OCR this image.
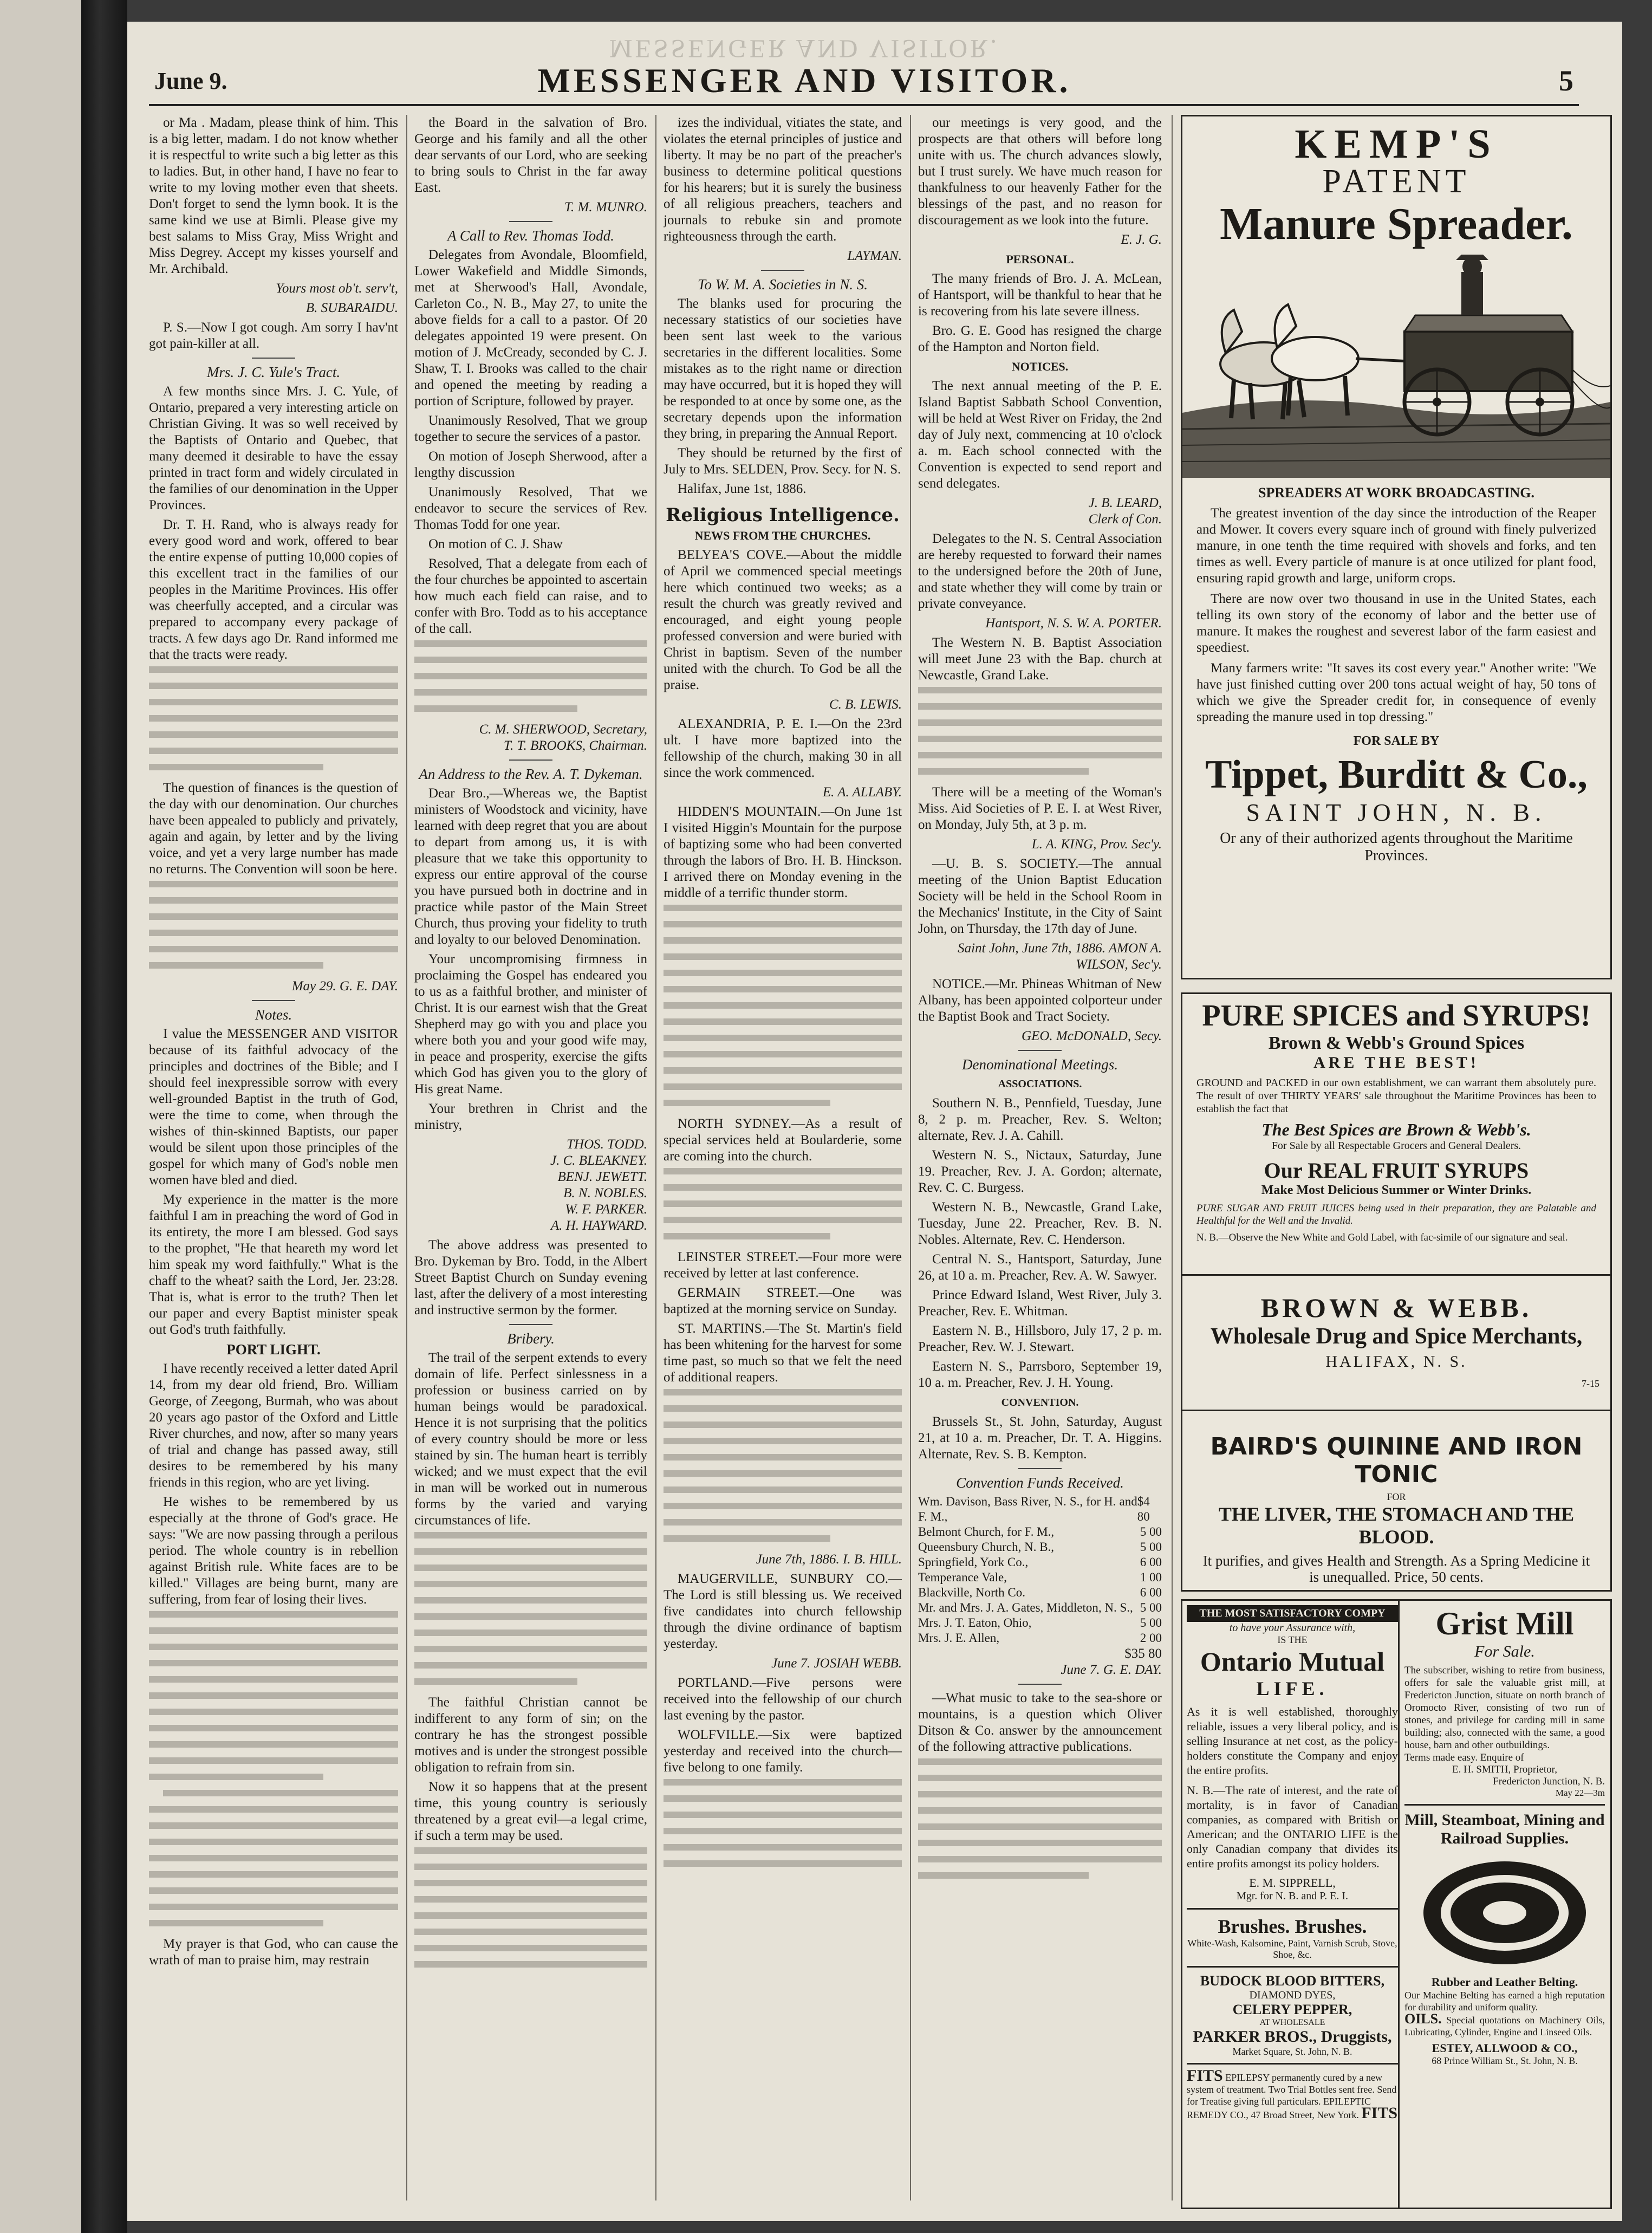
MESSENGER AND VISITOR.
June 9.	MESSENGER AND VISITOR.	5

or Ma . Madam, please think of him. This is a big letter, madam. I do not know whether it is respectful to write such a big letter as this to ladies. But, in other hand, I have no fear to write to my loving mother even that sheets. Don't forget to send the lymn book. It is the same kind we use at Bimli. Please give my best salams to Miss Gray, Miss Wright and Miss Degrey. Accept my kisses yourself and Mr. Archibald.

Yours most ob't. serv't,

B. SUBARAIDU.

P. S.—Now I got cough. Am sorry I hav'nt got pain-killer at all.

Mrs. J. C. Yule's Tract.

A few months since Mrs. J. C. Yule, of Ontario, prepared a very interesting article on Christian Giving. It was so well received by the Baptists of Ontario and Quebec, that many deemed it desirable to have the essay printed in tract form and widely circulated in the families of our denomination in the Upper Provinces.

Dr. T. H. Rand, who is always ready for every good word and work, offered to bear the entire expense of putting 10,000 copies of this excellent tract in the families of our peoples in the Maritime Provinces. His offer was cheerfully accepted, and a circular was prepared to accompany every package of tracts. A few days ago Dr. Rand informed me that the tracts were ready.

The question of finances is the question of the day with our denomination. Our churches have been appealed to publicly and privately, again and again, by letter and by the living voice, and yet a very large number has made no returns. The Convention will soon be here.

May 29. G. E. DAY.

Notes.

I value the MESSENGER AND VISITOR because of its faithful advocacy of the principles and doctrines of the Bible; and I should feel inexpressible sorrow with every well-grounded Baptist in the truth of God, were the time to come, when through the wishes of thin-skinned Baptists, our paper would be silent upon those principles of the gospel for which many of God's noble men women have bled and died.

My experience in the matter is the more faithful I am in preaching the word of God in its entirety, the more I am blessed. God says to the prophet, "He that heareth my word let him speak my word faithfully." What is the chaff to the wheat? saith the Lord, Jer. 23:28. That is, what is error to the truth? Then let our paper and every Baptist minister speak out God's truth faithfully.

PORT LIGHT.

I have recently received a letter dated April 14, from my dear old friend, Bro. William George, of Zeegong, Burmah, who was about 20 years ago pastor of the Oxford and Little River churches, and now, after so many years of trial and change has passed away, still desires to be remembered by his many friends in this region, who are yet living.

He wishes to be remembered by us especially at the throne of God's grace. He says: "We are now passing through a perilous period. The whole country is in rebellion against British rule. White faces are to be killed." Villages are being burnt, many are suffering, from fear of losing their lives.

My prayer is that God, who can cause the wrath of man to praise him, may restrain

the Board in the salvation of Bro. George and his family and all the other dear servants of our Lord, who are seeking to bring souls to Christ in the far away East.

T. M. MUNRO.

A Call to Rev. Thomas Todd.

Delegates from Avondale, Bloomfield, Lower Wakefield and Middle Simonds, met at Sherwood's Hall, Avondale, Carleton Co., N. B., May 27, to unite the above fields for a call to a pastor. Of 20 delegates appointed 19 were present. On motion of J. McCready, seconded by C. J. Shaw, T. I. Brooks was called to the chair and opened the meeting by reading a portion of Scripture, followed by prayer.

Unanimously Resolved, That we group together to secure the services of a pastor.

On motion of Joseph Sherwood, after a lengthy discussion

Unanimously Resolved, That we endeavor to secure the services of Rev. Thomas Todd for one year.

On motion of C. J. Shaw

Resolved, That a delegate from each of the four churches be appointed to ascertain how much each field can raise, and to confer with Bro. Todd as to his acceptance of the call.

C. M. SHERWOOD, Secretary,
T. T. BROOKS, Chairman.

An Address to the Rev. A. T. Dykeman.

Dear Bro.,—Whereas we, the Baptist ministers of Woodstock and vicinity, have learned with deep regret that you are about to depart from among us, it is with pleasure that we take this opportunity to express our entire approval of the course you have pursued both in doctrine and in practice while pastor of the Main Street Church, thus proving your fidelity to truth and loyalty to our beloved Denomination.

Your uncompromising firmness in proclaiming the Gospel has endeared you to us as a faithful brother, and minister of Christ. It is our earnest wish that the Great Shepherd may go with you and place you where both you and your good wife may, in peace and prosperity, exercise the gifts which God has given you to the glory of His great Name.

Your brethren in Christ and the ministry,

THOS. TODD.
J. C. BLEAKNEY.
BENJ. JEWETT.
B. N. NOBLES.
W. F. PARKER.
A. H. HAYWARD.

The above address was presented to Bro. Dykeman by Bro. Todd, in the Albert Street Baptist Church on Sunday evening last, after the delivery of a most interesting and instructive sermon by the former.

Bribery.

The trail of the serpent extends to every domain of life. Perfect sinlessness in a profession or business carried on by human beings would be paradoxical. Hence it is not surprising that the politics of every country should be more or less stained by sin. The human heart is terribly wicked; and we must expect that the evil in man will be worked out in numerous forms by the varied and varying circumstances of life.

The faithful Christian cannot be indifferent to any form of sin; on the contrary he has the strongest possible motives and is under the strongest possible obligation to refrain from sin.

Now it so happens that at the present time, this young country is seriously threatened by a great evil—a legal crime, if such a term may be used.

izes the individual, vitiates the state, and violates the eternal principles of justice and liberty. It may be no part of the preacher's business to determine political questions for his hearers; but it is surely the business of all religious preachers, teachers and journals to rebuke sin and promote righteousness through the earth.

LAYMAN.

To W. M. A. Societies in N. S.

The blanks used for procuring the necessary statistics of our societies have been sent last week to the various secretaries in the different localities. Some mistakes as to the right name or direction may have occurred, but it is hoped they will be responded to at once by some one, as the secretary depends upon the information they bring, in preparing the Annual Report.

They should be returned by the first of July to Mrs. SELDEN, Prov. Secy. for N. S.

Halifax, June 1st, 1886.

Religious Intelligence.

NEWS FROM THE CHURCHES.

BELYEA'S COVE.—About the middle of April we commenced special meetings here which continued two weeks; as a result the church was greatly revived and encouraged, and eight young people professed conversion and were buried with Christ in baptism. Seven of the number united with the church. To God be all the praise.

C. B. LEWIS.

ALEXANDRIA, P. E. I.—On the 23rd ult. I have more baptized into the fellowship of the church, making 30 in all since the work commenced.

E. A. ALLABY.

HIDDEN'S MOUNTAIN.—On June 1st I visited Higgin's Mountain for the purpose of baptizing some who had been converted through the labors of Bro. H. B. Hinckson. I arrived there on Monday evening in the middle of a terrific thunder storm.

NORTH SYDNEY.—As a result of special services held at Boularderie, some are coming into the church.

LEINSTER STREET.—Four more were received by letter at last conference.

GERMAIN STREET.—One was baptized at the morning service on Sunday.

ST. MARTINS.—The St. Martin's field has been whitening for the harvest for some time past, so much so that we felt the need of additional reapers.

June 7th, 1886. I. B. HILL.

MAUGERVILLE, SUNBURY CO.—The Lord is still blessing us. We received five candidates into church fellowship through the divine ordinance of baptism yesterday.

June 7. JOSIAH WEBB.

PORTLAND.—Five persons were received into the fellowship of our church last evening by the pastor.

WOLFVILLE.—Six were baptized yesterday and received into the church—five belong to one family.

our meetings is very good, and the prospects are that others will before long unite with us. The church advances slowly, but I trust surely. We have much reason for thankfulness to our heavenly Father for the blessings of the past, and no reason for discouragement as we look into the future.

E. J. G.

PERSONAL.

The many friends of Bro. J. A. McLean, of Hantsport, will be thankful to hear that he is recovering from his late severe illness.

Bro. G. E. Good has resigned the charge of the Hampton and Norton field.

NOTICES.

The next annual meeting of the P. E. Island Baptist Sabbath School Convention, will be held at West River on Friday, the 2nd day of July next, commencing at 10 o'clock a. m. Each school connected with the Convention is expected to send report and send delegates.

J. B. LEARD,
Clerk of Con.

Delegates to the N. S. Central Association are hereby requested to forward their names to the undersigned before the 20th of June, and state whether they will come by train or private conveyance.

Hantsport, N. S. W. A. PORTER.

The Western N. B. Baptist Association will meet June 23 with the Bap. church at Newcastle, Grand Lake.

There will be a meeting of the Woman's Miss. Aid Societies of P. E. I. at West River, on Monday, July 5th, at 3 p. m.

L. A. KING, Prov. Sec'y.

—U. B. S. SOCIETY.—The annual meeting of the Union Baptist Education Society will be held in the School Room in the Mechanics' Institute, in the City of Saint John, on Thursday, the 17th day of June.

Saint John, June 7th, 1886. AMON A. WILSON, Sec'y.

NOTICE.—Mr. Phineas Whitman of New Albany, has been appointed colporteur under the Baptist Book and Tract Society.

GEO. McDONALD, Secy.

Denominational Meetings.

ASSOCIATIONS.

Southern N. B., Pennfield, Tuesday, June 8, 2 p. m. Preacher, Rev. S. Welton; alternate, Rev. J. A. Cahill.

Western N. S., Nictaux, Saturday, June 19. Preacher, Rev. J. A. Gordon; alternate, Rev. C. C. Burgess.

Western N. B., Newcastle, Grand Lake, Tuesday, June 22. Preacher, Rev. B. N. Nobles. Alternate, Rev. C. Henderson.

Central N. S., Hantsport, Saturday, June 26, at 10 a. m. Preacher, Rev. A. W. Sawyer.

Prince Edward Island, West River, July 3. Preacher, Rev. E. Whitman.

Eastern N. B., Hillsboro, July 17, 2 p. m. Preacher, Rev. W. J. Stewart.

Eastern N. S., Parrsboro, September 19, 10 a. m. Preacher, Rev. J. H. Young.

CONVENTION.

Brussels St., St. John, Saturday, August 21, at 10 a. m. Preacher, Dr. T. A. Higgins. Alternate, Rev. S. B. Kempton.

Convention Funds Received.

Wm. Davison, Bass River, N. S., for H. and F. M.,
$4 80
Belmont Church, for F. M.,	5 00
Queensbury Church, N. B.,	5 00
Springfield, York Co.,	6 00
Temperance Vale,	1 00
Blackville, North Co.	6 00
Mr. and Mrs. J. A. Gates, Middleton, N. S., 5 00
Mrs. J. T. Eaton, Ohio,	5 00
Mrs. J. E. Allen,	2 00
$35 80

June 7. G. E. DAY.

—What music to take to the sea-shore or mountains, is a question which Oliver Ditson & Co. answer by the announcement of the following attractive publications.

KEMP'S
PATENT
Manure Spreader.
SPREADERS AT WORK BROADCASTING.

The greatest invention of the day since the introduction of the Reaper and Mower. It covers every square inch of ground with finely pulverized manure, in one tenth the time required with shovels and forks, and ten times as well. Every particle of manure is at once utilized for plant food, ensuring rapid growth and large, uniform crops.

There are now over two thousand in use in the United States, each telling its own story of the economy of labor and the better use of manure. It makes the roughest and severest labor of the farm easiest and speediest.

Many farmers write: "It saves its cost every year." Another write: "We have just finished cutting over 200 tons actual weight of hay, 50 tons of which we give the Spreader credit for, in consequence of evenly spreading the manure used in top dressing."

FOR SALE BY
Tippet, Burditt & Co.,
SAINT JOHN, N. B.
Or any of their authorized agents throughout the Maritime Provinces.
PURE SPICES and SYRUPS!
Brown & Webb's Ground Spices
ARE THE BEST!
GROUND and PACKED in our own establishment, we can warrant them absolutely pure. The result of over THIRTY YEARS' sale throughout the Maritime Provinces has been to establish the fact that
The Best Spices are Brown & Webb's.
For Sale by all Respectable Grocers and General Dealers.
Our REAL FRUIT SYRUPS
Make Most Delicious Summer or Winter Drinks.
PURE SUGAR AND FRUIT JUICES being used in their preparation, they are Palatable and Healthful for the Well and the Invalid.
N. B.—Observe the New White and Gold Label, with fac-simile of our signature and seal.
BROWN & WEBB.
Wholesale Drug and Spice Merchants,
HALIFAX, N. S.
7-15
BAIRD'S QUININE AND IRON TONIC
FOR
THE LIVER, THE STOMACH AND THE BLOOD.
It purifies, and gives Health and Strength. As a Spring Medicine it is unequalled. Price, 50 cents.
THE MOST SATISFACTORY COMPY
to have your Assurance with,
IS THE
Ontario Mutual
LIFE.
As it is well established, thoroughly reliable, issues a very liberal policy, and is selling Insurance at net cost, as the policy-holders constitute the Company and enjoy the entire profits.
N. B.—The rate of interest, and the rate of mortality, is in favor of Canadian companies, as compared with British or American; and the ONTARIO LIFE is the only Canadian company that divides its entire profits amongst its policy holders.
E. M. SIPPRELL,
Mgr. for N. B. and P. E. I.
Brushes. Brushes.
White-Wash, Kalsomine, Paint, Varnish Scrub, Stove, Shoe, &c.
BUDOCK BLOOD BITTERS,
DIAMOND DYES,
CELERY PEPPER,
AT WHOLESALE
PARKER BROS., Druggists,
Market Square, St. John, N. B.
FITS EPILEPSY permanently cured by a new system of treatment. Two Trial Bottles sent free. Send for Treatise giving full particulars. EPILEPTIC REMEDY CO., 47 Broad Street, New York. FITS
Grist Mill
For Sale.
The subscriber, wishing to retire from business, offers for sale the valuable grist mill, at Fredericton Junction, situate on north branch of Oromocto River, consisting of two run of stones, and privilege for carding mill in same building; also, connected with the same, a good house, barn and other outbuildings.
Terms made easy. Enquire of
E. H. SMITH, Proprietor,
Fredericton Junction, N. B.
May 22—3m
Mill, Steamboat, Mining and Railroad Supplies.
RUBBER BELTING
Rubber and Leather Belting.
Our Machine Belting has earned a high reputation for durability and uniform quality.
OILS. Special quotations on Machinery Oils, Lubricating, Cylinder, Engine and Linseed Oils.
ESTEY, ALLWOOD & CO.,
68 Prince William St., St. John, N. B.
